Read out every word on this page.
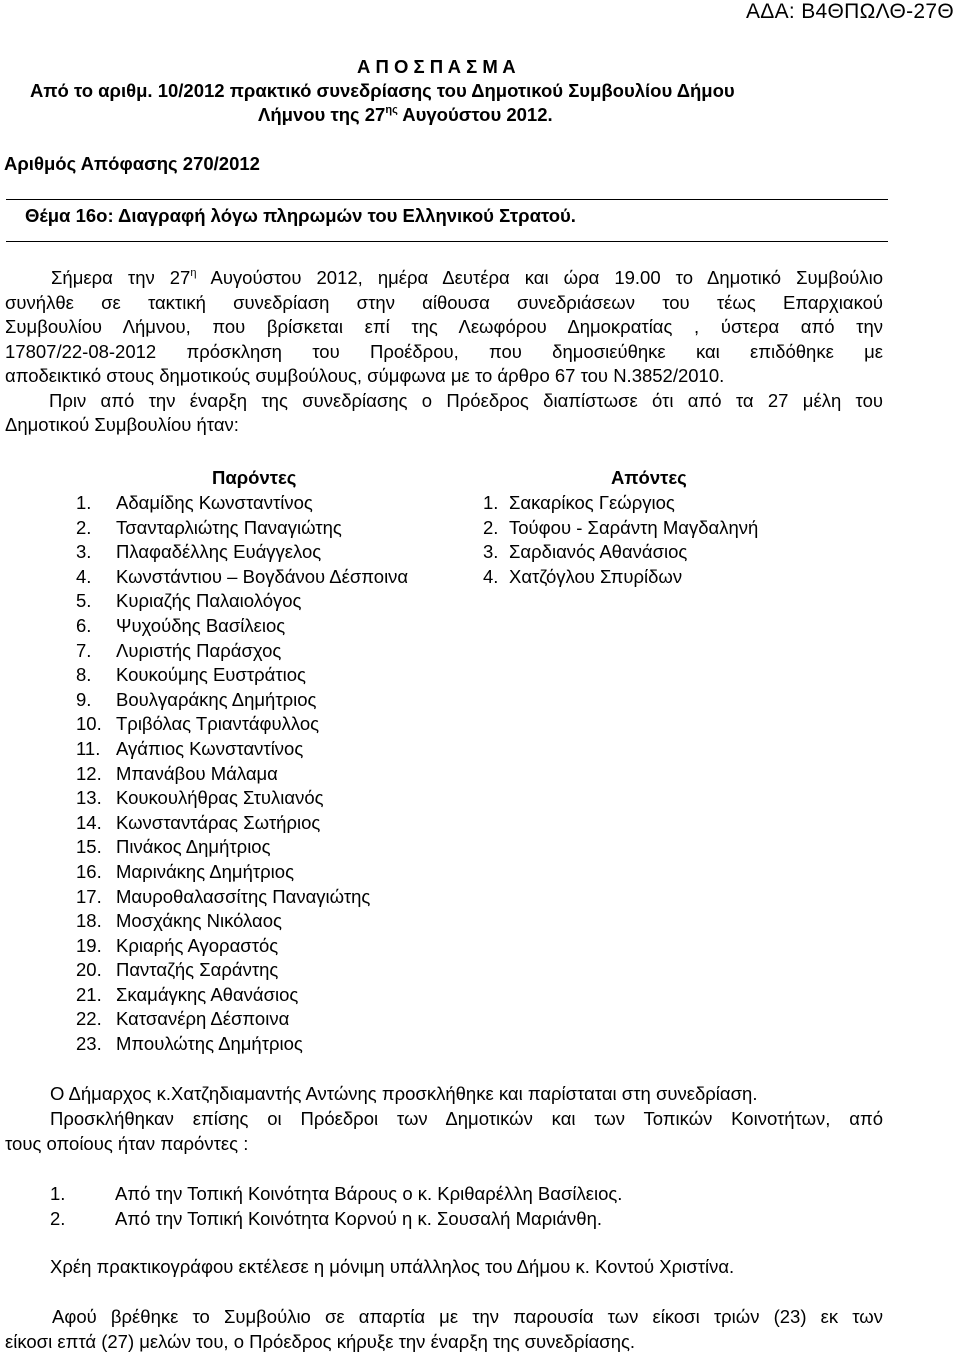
ΑΔΑ: Β4ΘΠΩΛΘ-27Θ
Α Π Ο Σ Π Α Σ Μ Α
Από το αριθμ. 10/2012 πρακτικό συνεδρίασης του Δημοτικού Συμβουλίου Δήμου
Λήμνου της $27^{\eta\varsigma}$ Αυγούστου 2012.
Αριθμός Απόφασης 270/2012
Θέμα 16ο: Διαγραφή λόγω πληρωμών του Ελληνικού Στρατού.
Σήμερα την $27^\eta$ Αυγούστου 2012, ημέρα Δευτέρα και ώρα 19.00 το Δημοτικό Συμβούλιο
συνήλθε σε τακτική συνεδρίαση στην αίθουσα συνεδριάσεων του τέως Επαρχιακού
Συμβουλίου Λήμνου, που βρίσκεται επί της Λεωφόρου Δημοκρατίας , ύστερα από την
17807/22-08-2012 πρόσκληση του Προέδρου, που δημοσιεύθηκε και επιδόθηκε με
αποδεικτικό στους δημοτικούς συμβούλους, σύμφωνα με το άρθρο 67 του Ν.3852/2010.
Πριν από την έναρξη της συνεδρίασης ο Πρόεδρος διαπίστωσε ότι από τα 27 μέλη του
Δημοτικού Συμβουλίου ήταν:
Παρόντες
1.	Αδαμίδης Κωνσταντίνος
2.	Τσανταρλιώτης Παναγιώτης
3.	Πλαφαδέλλης Ευάγγελος
4.	Κωνστάντιου – Βογδάνου Δέσποινα
5.	Κυριαζής Παλαιολόγος
6.	Ψυχούδης Βασίλειος
7.	Λυριστής Παράσχος
8.	Κουκούμης Ευστράτιος
9.	Βουλγαράκης Δημήτριος
10. Τριβόλας Τριαντάφυλλος
11. Αγάπιος Κωνσταντίνος
12. Μπανάβου Μάλαμα
13. Κουκουλήθρας Στυλιανός
14. Κωνσταντάρας Σωτήριος
15. Πινάκος Δημήτριος
16. Μαρινάκης Δημήτριος
17. Μαυροθαλασσίτης Παναγιώτης
18. Μοσχάκης Νικόλαος
19. Κριαρής Αγοραστός
20. Πανταζής Σαράντης
21. Σκαμάγκης Αθανάσιος
22. Κατσανέρη Δέσποινα
23. Μπουλώτης Δημήτριος
Απόντες
1. Σακαρίκος Γεώργιος
2. Τούφου - Σαράντη Μαγδαληνή
3. Σαρδιανός Αθανάσιος
4. Χατζόγλου Σπυρίδων
Ο Δήμαρχος κ.Χατζηδιαμαντής Αντώνης προσκλήθηκε και παρίσταται στη συνεδρίαση.
Προσκλήθηκαν επίσης οι Πρόεδροι των Δημοτικών και των Τοπικών Κοινοτήτων, από
τους οποίους ήταν παρόντες :
1.	Από την Τοπική Κοινότητα Βάρους ο κ. Κριθαρέλλη Βασίλειος.
2.	Από την Τοπική Κοινότητα Κορνού η κ. Σουσαλή Μαριάνθη.
Χρέη πρακτικογράφου εκτέλεσε η μόνιμη υπάλληλος του Δήμου κ. Κοντού Χριστίνα.
Αφού βρέθηκε το Συμβούλιο σε απαρτία με την παρουσία των είκοσι τριών (23) εκ των
είκοσι επτά (27) μελών του, ο Πρόεδρος κήρυξε την έναρξη της συνεδρίασης.
